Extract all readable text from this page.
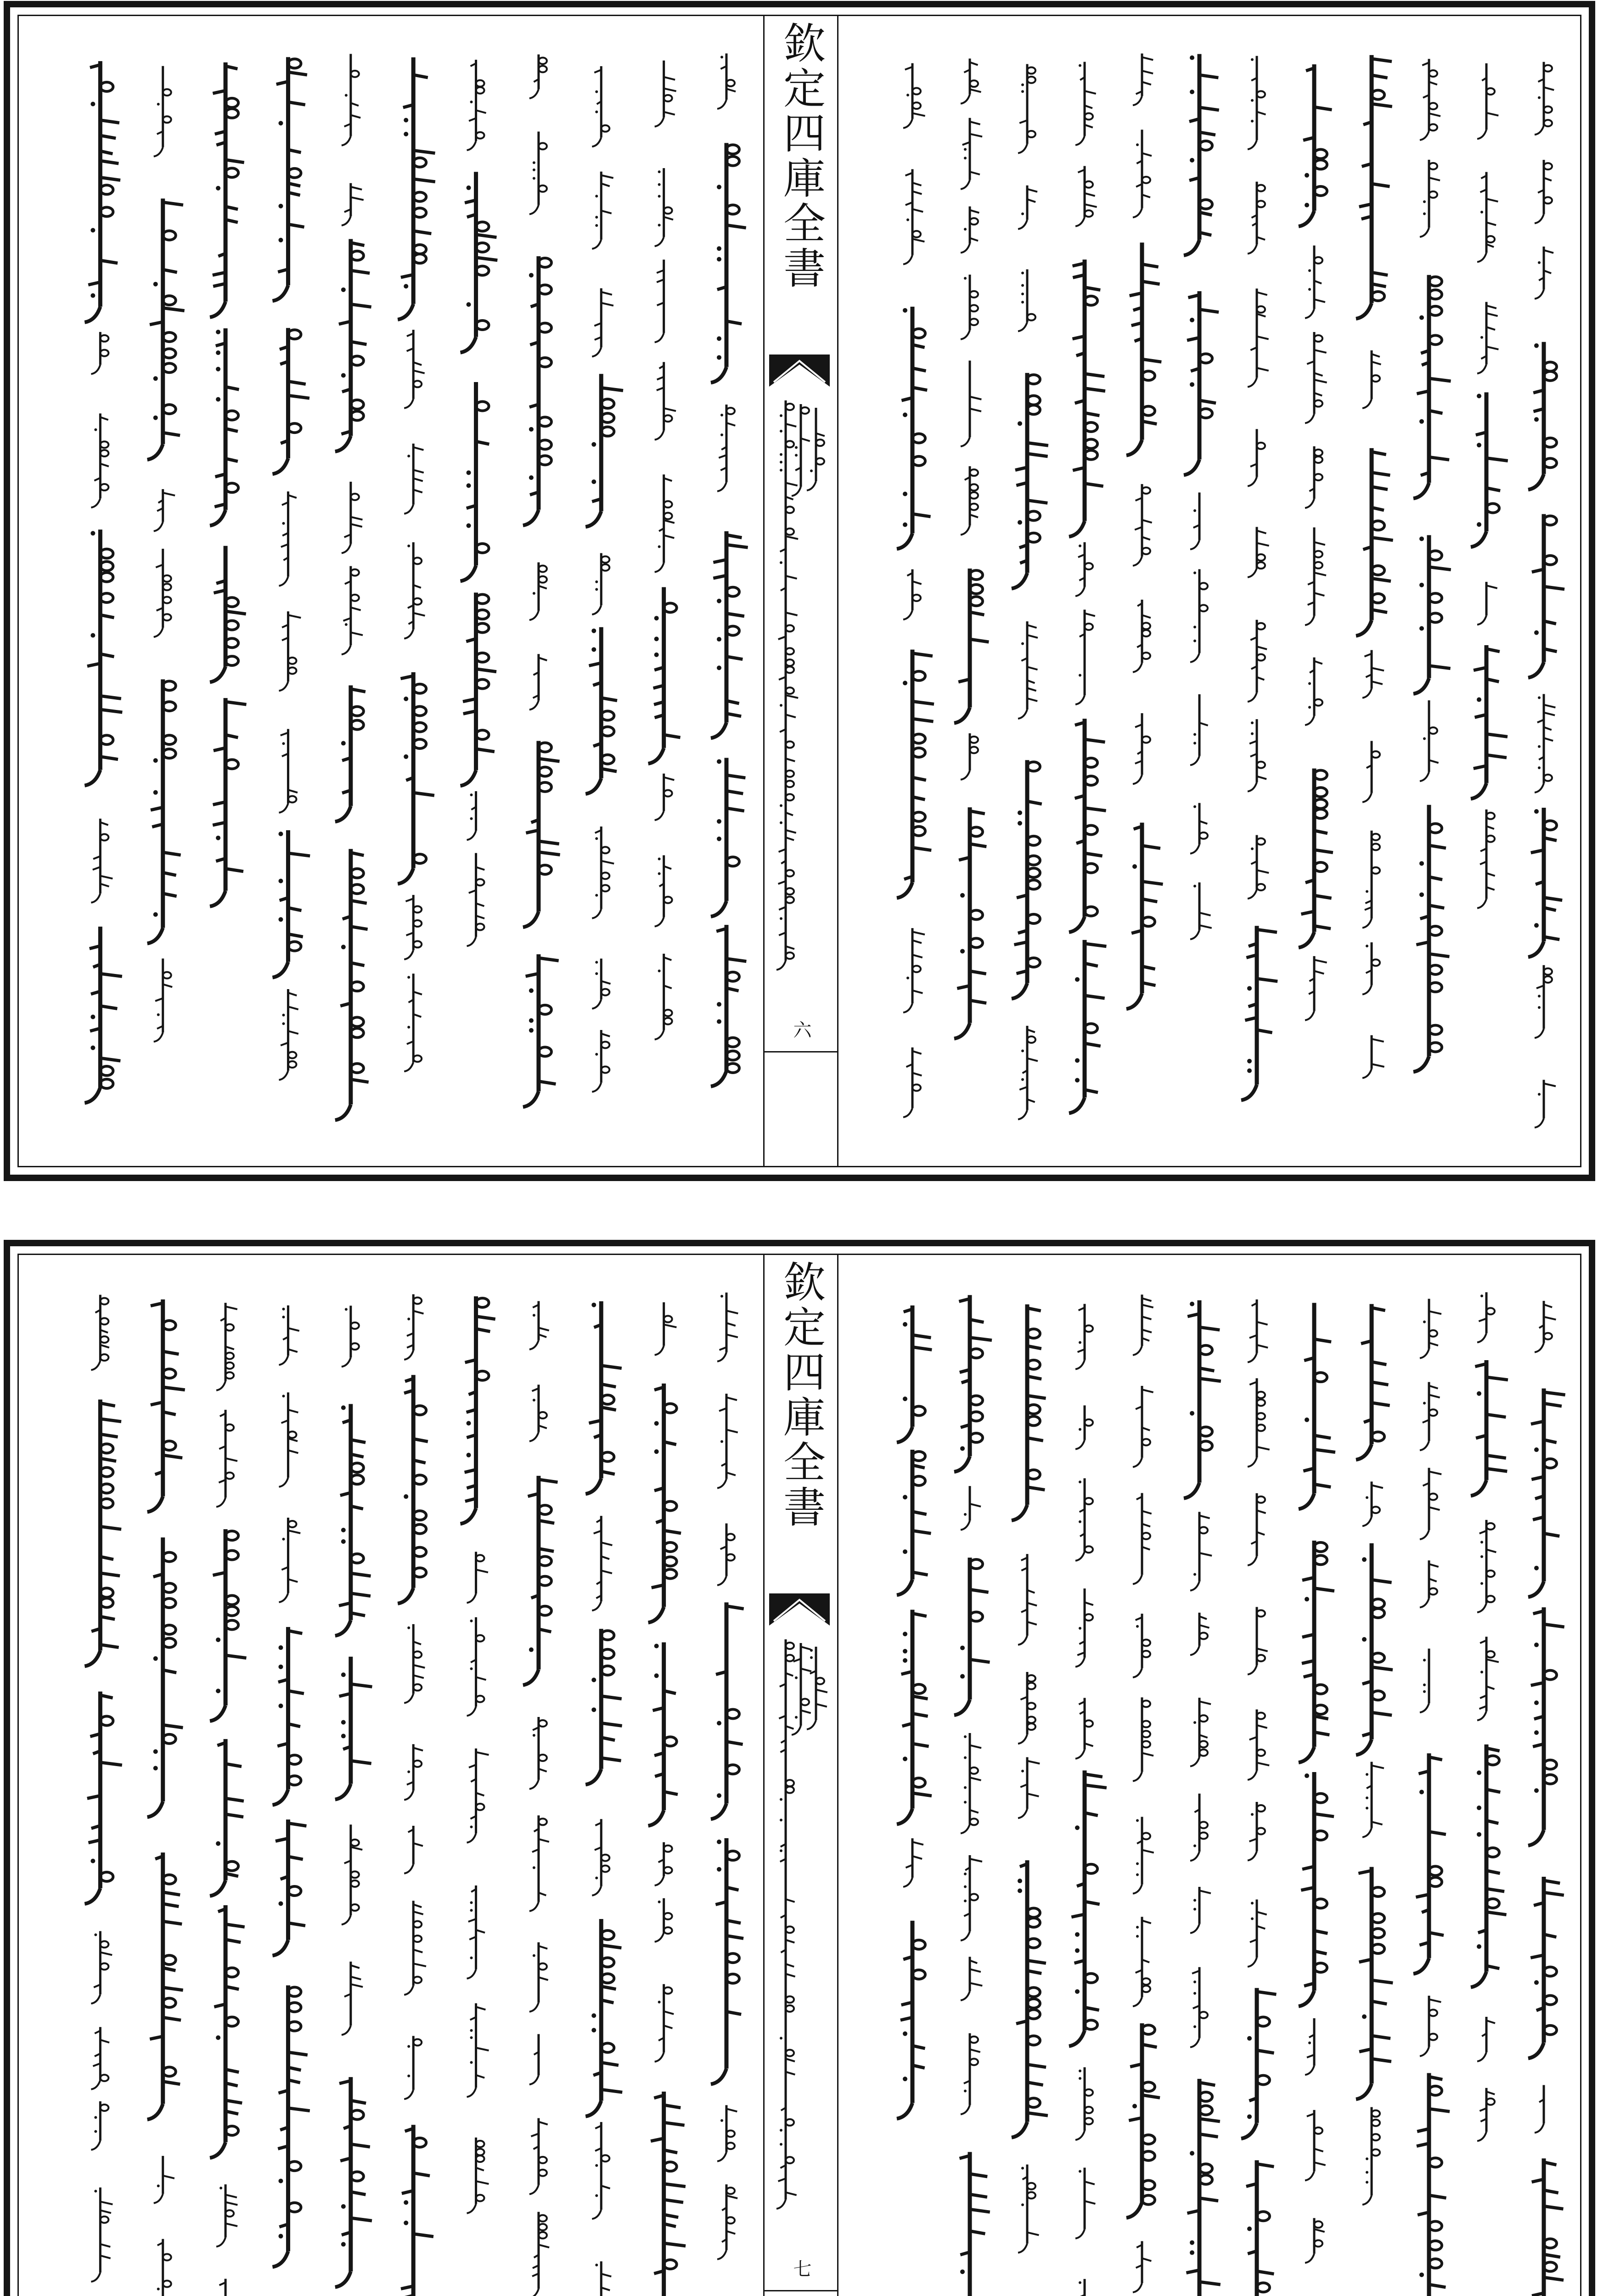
欽定四庫全書
六
欽定四庫全書
七
